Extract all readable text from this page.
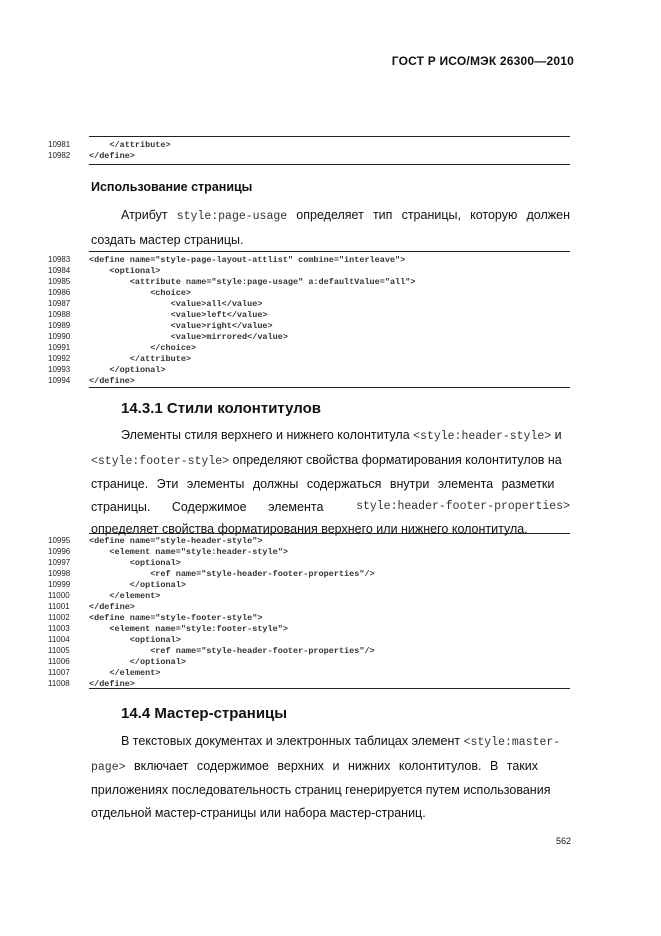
ГОСТ Р ИСО/МЭК 26300—2010
10981	</attribute>
10982	</define>
Использование страницы
Атрибут style:page-usage определяет тип страницы, которую должен создать мастер страницы.
10983	<define name="style-page-layout-attlist" combine="interleave">
10984	<optional>
10985	<attribute name="style:page-usage" a:defaultValue="all">
10986	<choice>
10987	<value>all</value>
10988	<value>left</value>
10989	<value>right</value>
10990	<value>mirrored</value>
10991	</choice>
10992	</attribute>
10993	</optional>
10994	</define>
14.3.1 Стили колонтитулов
Элементы стиля верхнего и нижнего колонтитула <style:header-style> и
<style:footer-style> определяют свойства форматирования колонтитулов на
странице. Эти элементы должны содержаться внутри элемента разметки
страницы. Содержимое элемента	style:header-footer-properties>
определяет свойства форматирования верхнего или нижнего колонтитула.
10995	<define name="style-header-style">
10996	<element name="style:header-style">
10997	<optional>
10998	<ref name="style-header-footer-properties"/>
10999	</optional>
11000	</element>
11001	</define>
11002	<define name="style-footer-style">
11003	<element name="style:footer-style">
11004	<optional>
11005	<ref name="style-header-footer-properties"/>
11006	</optional>
11007	</element>
11008	</define>
14.4 Мастер-страницы
В текстовых документах и электронных таблицах элемент <style:master-
page> включает содержимое верхних и нижних колонтитулов. В таких
приложениях последовательность страниц генерируется путем использования
отдельной мастер-страницы или набора мастер-страниц.
562
